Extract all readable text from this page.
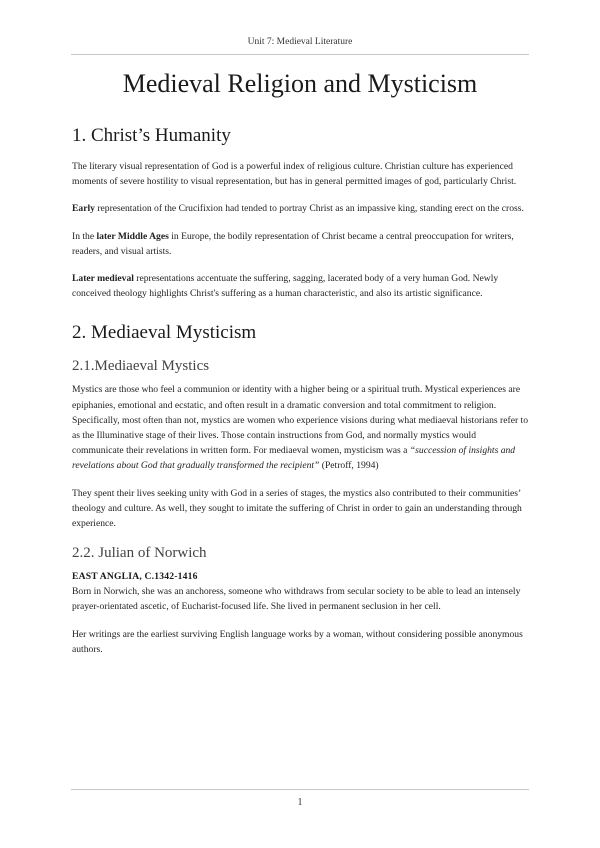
Unit 7: Medieval Literature
Medieval Religion and Mysticism
1. Christ’s Humanity

The literary visual representation of God is a powerful index of religious culture. Christian culture has experienced moments of severe hostility to visual representation, but has in general permitted images of god, particularly Christ.

Early representation of the Crucifixion had tended to portray Christ as an impassive king, standing erect on the cross.

In the later Middle Ages in Europe, the bodily representation of Christ became a central preoccupation for writers, readers, and visual artists.

Later medieval representations accentuate the suffering, sagging, lacerated body of a very human God. Newly conceived theology highlights Christ's suffering as a human characteristic, and also its artistic significance.

2. Mediaeval Mysticism
2.1.Mediaeval Mystics

Mystics are those who feel a communion or identity with a higher being or a spiritual truth. Mystical experiences are epiphanies, emotional and ecstatic, and often result in a dramatic conversion and total commitment to religion. Specifically, most often than not, mystics are women who experience visions during what mediaeval historians refer to as the Illuminative stage of their lives. Those contain instructions from God, and normally mystics would communicate their revelations in written form. For mediaeval women, mysticism was a “succession of insights and revelations about God that gradually transformed the recipient” (Petroff, 1994)

They spent their lives seeking unity with God in a series of stages, the mystics also contributed to their communities’ theology and culture. As well, they sought to imitate the suffering of Christ in order to gain an understanding through experience.

2.2. Julian of Norwich

EAST ANGLIA, C.1342-1416

Born in Norwich, she was an anchoress, someone who withdraws from secular society to be able to lead an intensely prayer-orientated ascetic, of Eucharist-focused life. She lived in permanent seclusion in her cell.

Her writings are the earliest surviving English language works by a woman, without considering possible anonymous authors.

1
